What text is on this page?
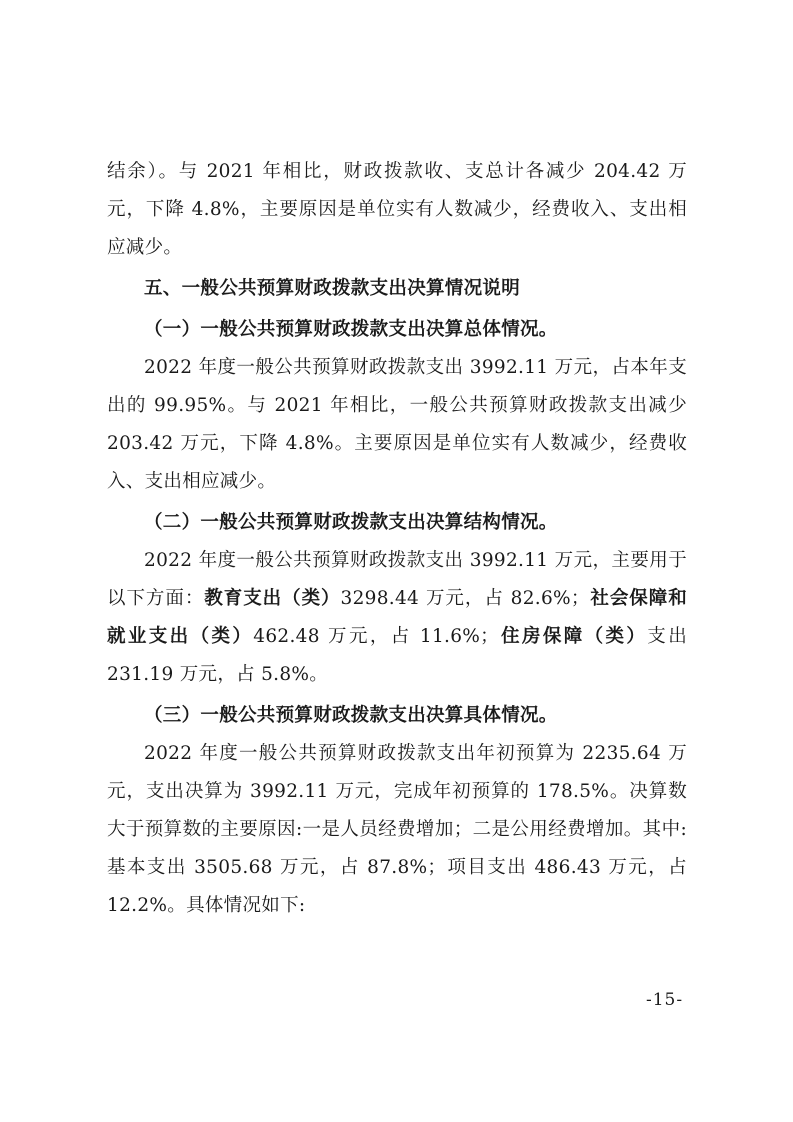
结余）。与 2021 年相比，财政拨款收、支总计各减少 204.42 万元，下降 4.8%，主要原因是单位实有人数减少，经费收入、支出相应减少。

五、一般公共预算财政拨款支出决算情况说明

（一）一般公共预算财政拨款支出决算总体情况。

2022 年度一般公共预算财政拨款支出 3992.11 万元，占本年支出的 99.95%。与 2021 年相比，一般公共预算财政拨款支出减少 203.42 万元，下降 4.8%。主要原因是单位实有人数减少，经费收入、支出相应减少。

（二）一般公共预算财政拨款支出决算结构情况。

2022 年度一般公共预算财政拨款支出 3992.11 万元，主要用于以下方面：教育支出（类）3298.44 万元，占 82.6%；社会保障和就业支出（类）462.48 万元，占 11.6%；住房保障（类）支出 231.19 万元，占 5.8%。

（三）一般公共预算财政拨款支出决算具体情况。

2022 年度一般公共预算财政拨款支出年初预算为 2235.64 万元，支出决算为 3992.11 万元，完成年初预算的 178.5%。决算数大于预算数的主要原因:一是人员经费增加；二是公用经费增加。其中:基本支出 3505.68 万元，占 87.8%；项目支出 486.43 万元，占 12.2%。具体情况如下:

-15-
